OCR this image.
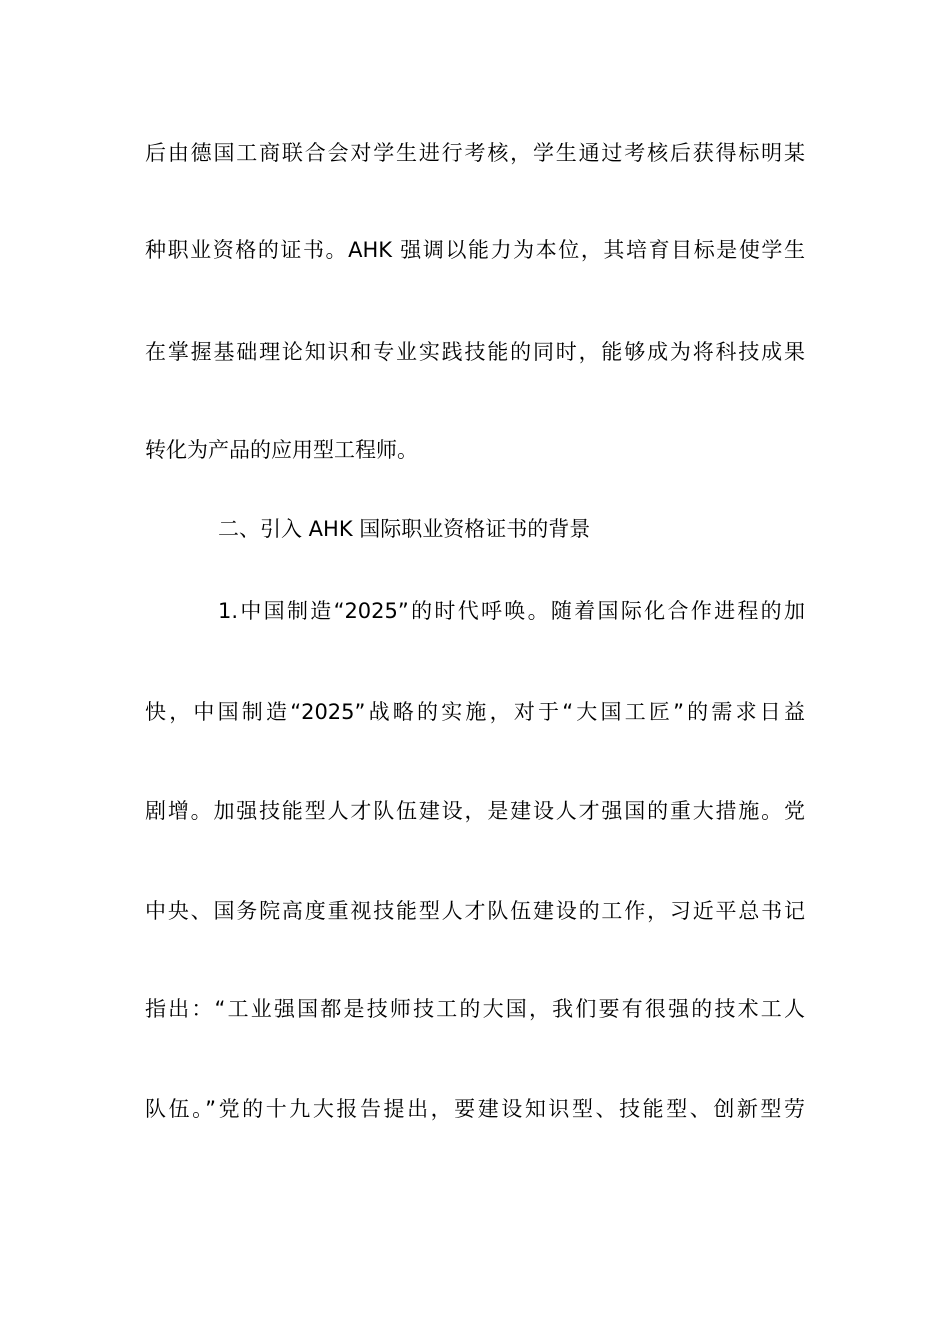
后由德国工商联合会对学生进行考核，学生通过考核后获得标明某
种职业资格的证书。AHK 强调以能力为本位，其培育目标是使学生
在掌握基础理论知识和专业实践技能的同时，能够成为将科技成果
转化为产品的应用型工程师。
二、引入 AHK 国际职业资格证书的背景
1.中国制造“2025”的时代呼唤。随着国际化合作进程的加
快，中国制造“2025”战略的实施，对于“大国工匠”的需求日益
剧增。加强技能型人才队伍建设，是建设人才强国的重大措施。党
中央、国务院高度重视技能型人才队伍建设的工作，习近平总书记
指出：“工业强国都是技师技工的大国，我们要有很强的技术工人
队伍。”党的十九大报告提出，要建设知识型、技能型、创新型劳
